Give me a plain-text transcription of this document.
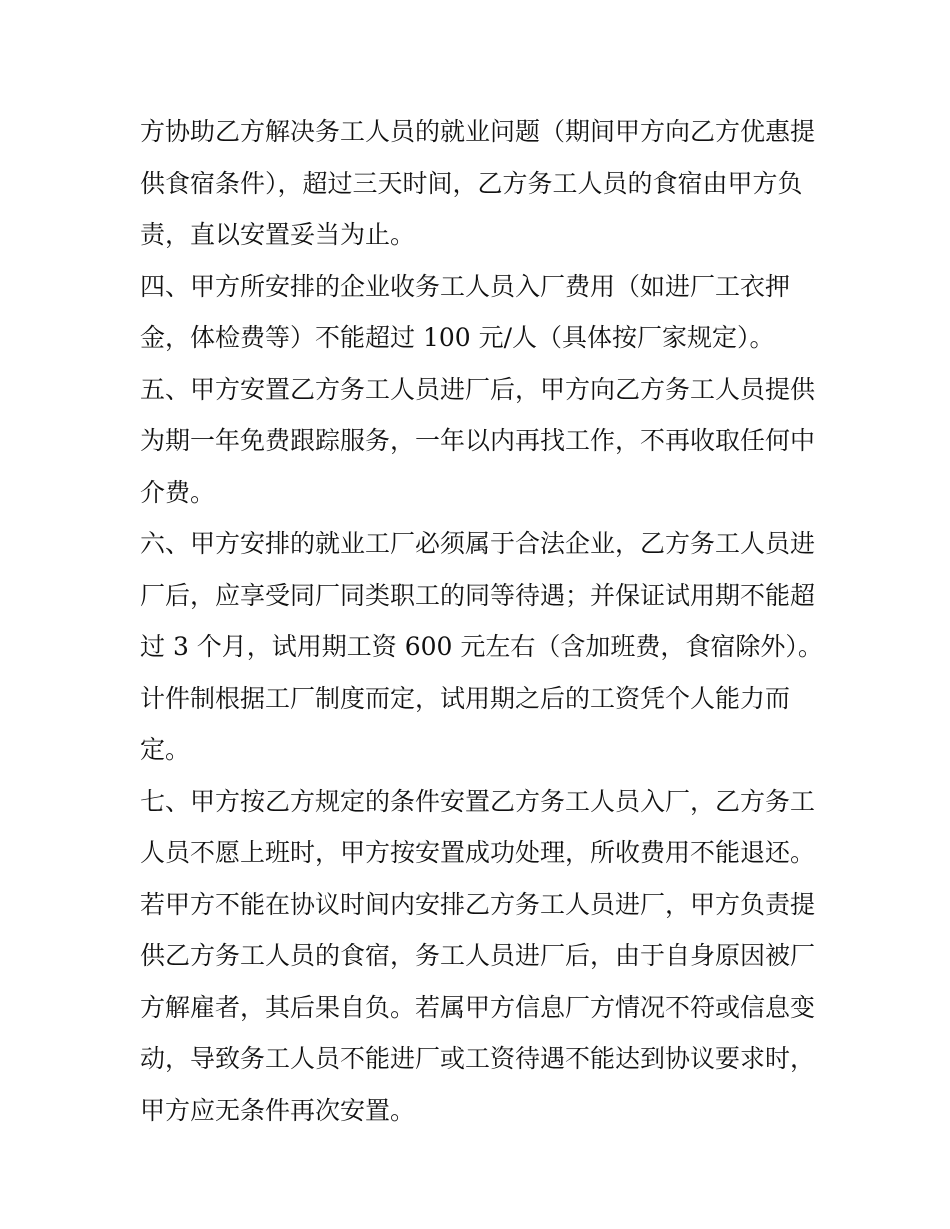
方协助乙方解决务工人员的就业问题（期间甲方向乙方优惠提
供食宿条件），超过三天时间，乙方务工人员的食宿由甲方负
责，直以安置妥当为止。
四、甲方所安排的企业收务工人员入厂费用（如进厂工衣押
金，体检费等）不能超过 100 元/人（具体按厂家规定）。
五、甲方安置乙方务工人员进厂后，甲方向乙方务工人员提供
为期一年免费跟踪服务，一年以内再找工作，不再收取任何中
介费。
六、甲方安排的就业工厂必须属于合法企业，乙方务工人员进
厂后，应享受同厂同类职工的同等待遇；并保证试用期不能超
过 3 个月，试用期工资 600 元左右（含加班费，食宿除外）。
计件制根据工厂制度而定，试用期之后的工资凭个人能力而
定。
七、甲方按乙方规定的条件安置乙方务工人员入厂，乙方务工
人员不愿上班时，甲方按安置成功处理，所收费用不能退还。
若甲方不能在协议时间内安排乙方务工人员进厂，甲方负责提
供乙方务工人员的食宿，务工人员进厂后，由于自身原因被厂
方解雇者，其后果自负。若属甲方信息厂方情况不符或信息变
动，导致务工人员不能进厂或工资待遇不能达到协议要求时，
甲方应无条件再次安置。
